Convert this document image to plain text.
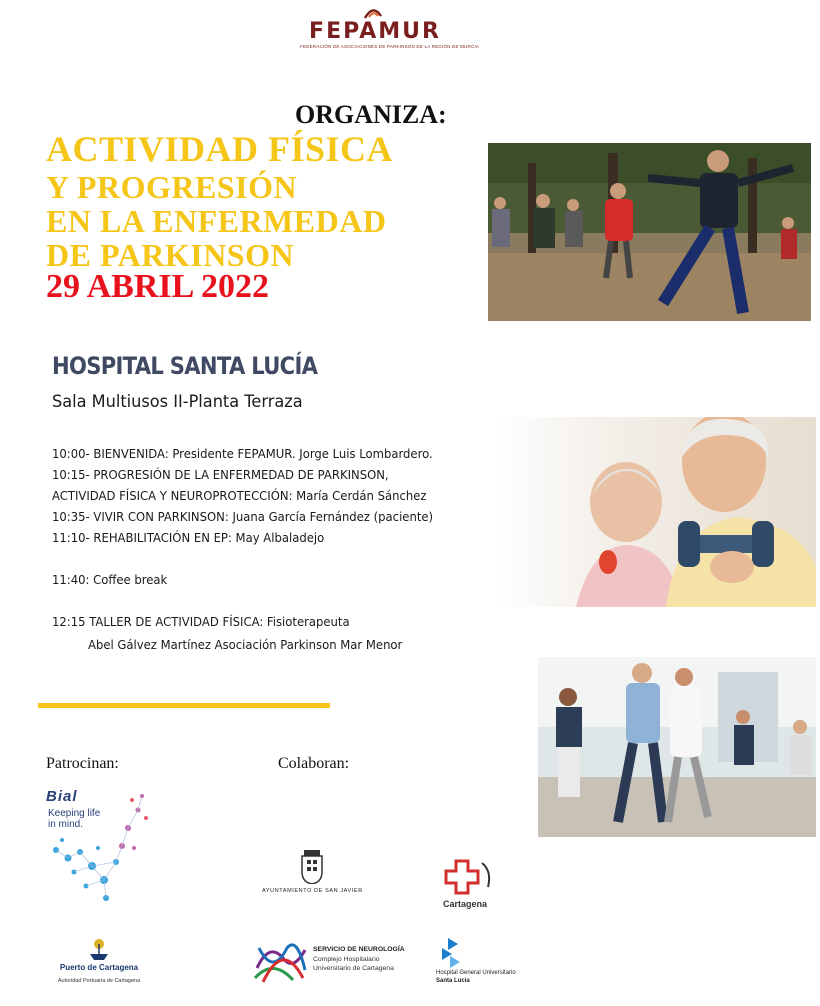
FEPAMUR
FEDERACIÓN DE ASOCIACIONES DE PARKINSON DE LA REGIÓN DE MURCIA
ORGANIZA:
ACTIVIDAD FÍSICA
Y PROGRESIÓN
EN LA ENFERMEDAD
DE PARKINSON
29 ABRIL 2022
HOSPITAL SANTA LUCÍA
Sala Multiusos II-Planta Terraza
10:00- BIENVENIDA: Presidente FEPAMUR. Jorge Luis Lombardero.
10:15- PROGRESIÓN DE LA ENFERMEDAD DE PARKINSON,
ACTIVIDAD FÍSICA Y NEUROPROTECCIÓN: María Cerdán Sánchez
10:35- VIVIR CON PARKINSON: Juana García Fernández (paciente)
11:10- REHABILITACIÓN EN EP: May Albaladejo
11:40: Coffee break
12:15 TALLER DE ACTIVIDAD FÍSICA: Fisioterapeuta
Abel Gálvez Martínez Asociación Parkinson Mar Menor
Patrocinan:	Colaboran:
Bial
Keeping life
in mind.
AYUNTAMIENTO DE SAN JAVIER
Cartagena
Puerto de Cartagena
Autoridad Portuaria de Cartagena
SERVICIO DE NEUROLOGÍA
Complejo Hospitalario
Universitario de Cartagena
Hospital General Universitario
Santa Lucía
